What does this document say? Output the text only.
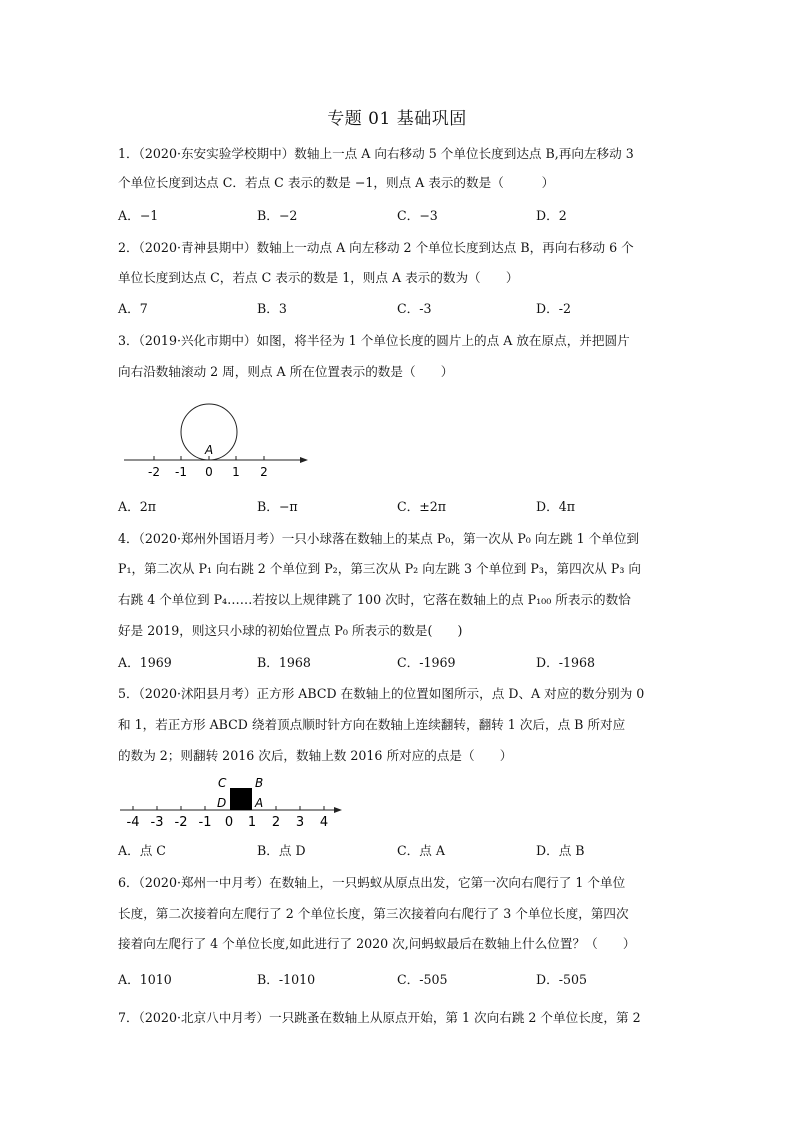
专题 01 基础巩固
1．（2020·东安实验学校期中）数轴上一点 A 向右移动 5 个单位长度到达点 B,再向左移动 3
个单位长度到达点 C．若点 C 表示的数是 −1，则点 A 表示的数是（　　　）
A．−1	B．−2	C．−3	D．2
2．（2020·青神县期中）数轴上一动点 A 向左移动 2 个单位长度到达点 B，再向右移动 6 个
单位长度到达点 C，若点 C 表示的数是 1，则点 A 表示的数为（　　）
A．7	B．3	C．-3	D．-2
3．（2019·兴化市期中）如图，将半径为 1 个单位长度的圆片上的点 A 放在原点，并把圆片
向右沿数轴滚动 2 周，则点 A 所在位置表示的数是（　　）
A
-2 -1 0 1 2
A．2π	B．−π	C．±2π	D．4π
4．（2020·郑州外国语月考）一只小球落在数轴上的某点 P₀，第一次从 P₀ 向左跳 1 个单位到
P₁，第二次从 P₁ 向右跳 2 个单位到 P₂，第三次从 P₂ 向左跳 3 个单位到 P₃，第四次从 P₃ 向
右跳 4 个单位到 P₄……若按以上规律跳了 100 次时，它落在数轴上的点 P₁₀₀ 所表示的数恰
好是 2019，则这只小球的初始位置点 P₀ 所表示的数是(　　)
A．1969	B．1968	C．-1969	D．-1968
5．（2020·沭阳县月考）正方形 ABCD 在数轴上的位置如图所示，点 D、A 对应的数分别为 0
和 1，若正方形 ABCD 绕着顶点顺时针方向在数轴上连续翻转，翻转 1 次后，点 B 所对应
的数为 2；则翻转 2016 次后，数轴上数 2016 所对应的点是（　　）
C B
D A
-4 -3 -2 -1 0 1 2 3 4
A．点 C	B．点 D	C．点 A	D．点 B
6．（2020·郑州一中月考）在数轴上，一只蚂蚁从原点出发，它第一次向右爬行了 1 个单位
长度，第二次接着向左爬行了 2 个单位长度，第三次接着向右爬行了 3 个单位长度，第四次
接着向左爬行了 4 个单位长度,如此进行了 2020 次,问蚂蚁最后在数轴上什么位置？（　　）
A．1010	B．-1010	C．-505	D．-505
7．（2020·北京八中月考）一只跳蚤在数轴上从原点开始，第 1 次向右跳 2 个单位长度，第 2
